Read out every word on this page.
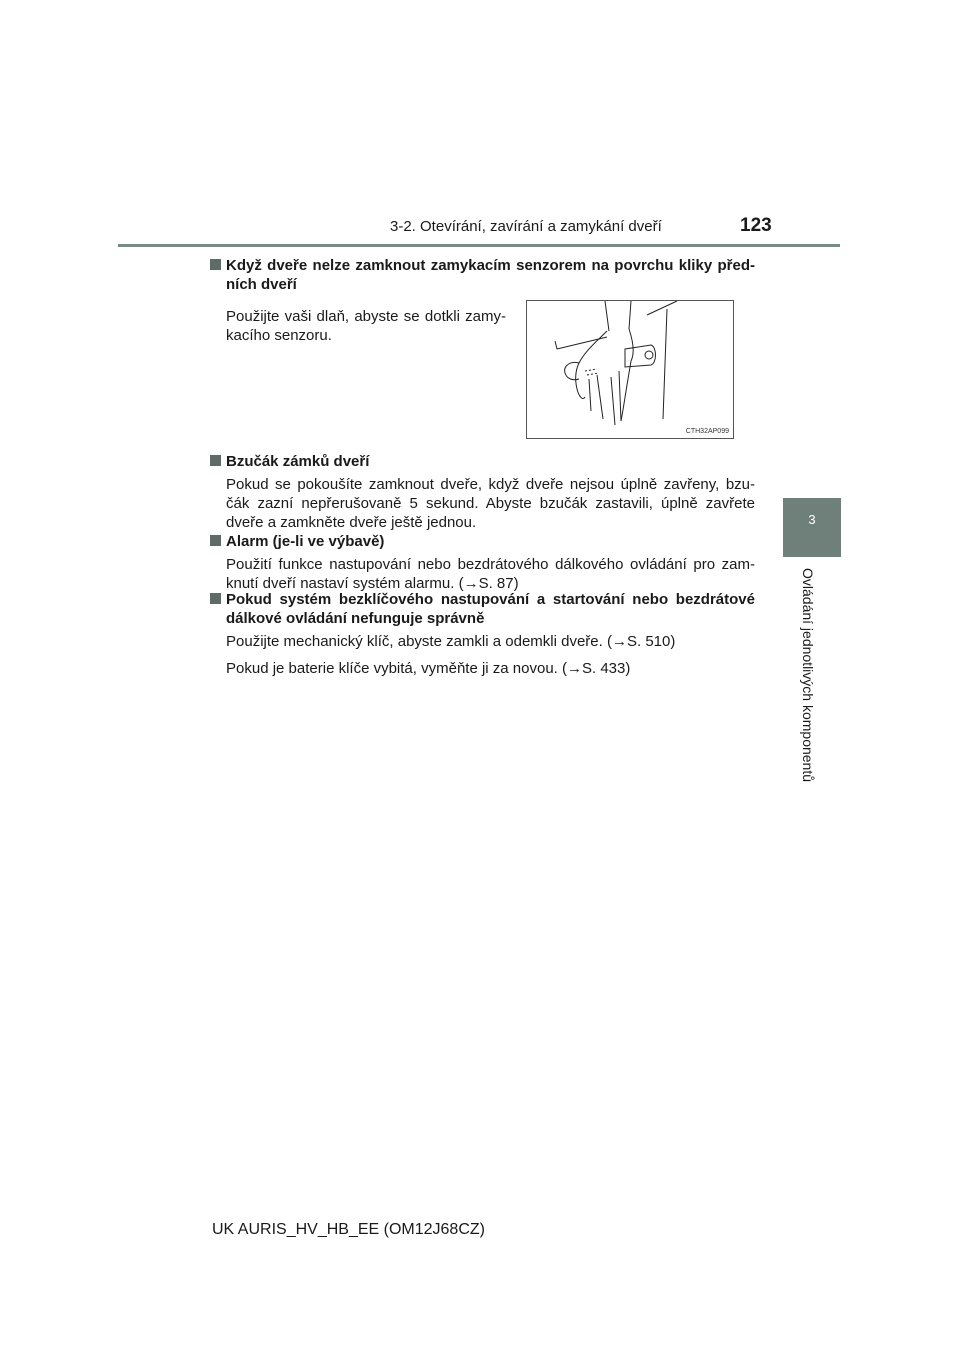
3-2. Otevírání, zavírání a zamykání dveří	123
3
Ovládání jednotlivých komponentů
Když dveře nelze zamknout zamykacím senzorem na povrchu kliky před-ních dveří
Použijte vaši dlaň, abyste se dotkli zamy-kacího senzoru.
CTH32AP099
Bzučák zámků dveří
Pokud se pokoušíte zamknout dveře, když dveře nejsou úplně zavřeny, bzu-čák zazní nepřerušovaně 5 sekund. Abyste bzučák zastavili, úplně zavřete dveře a zamkněte dveře ještě jednou.
Alarm (je-li ve výbavě)
Použití funkce nastupování nebo bezdrátového dálkového ovládání pro zam-knutí dveří nastaví systém alarmu. (→S. 87)
Pokud systém bezklíčového nastupování a startování nebo bezdrátové dálkové ovládání nefunguje správně
Použijte mechanický klíč, abyste zamkli a odemkli dveře. (→S. 510)
Pokud je baterie klíče vybitá, vyměňte ji za novou. (→S. 433)
UK AURIS_HV_HB_EE (OM12J68CZ)
